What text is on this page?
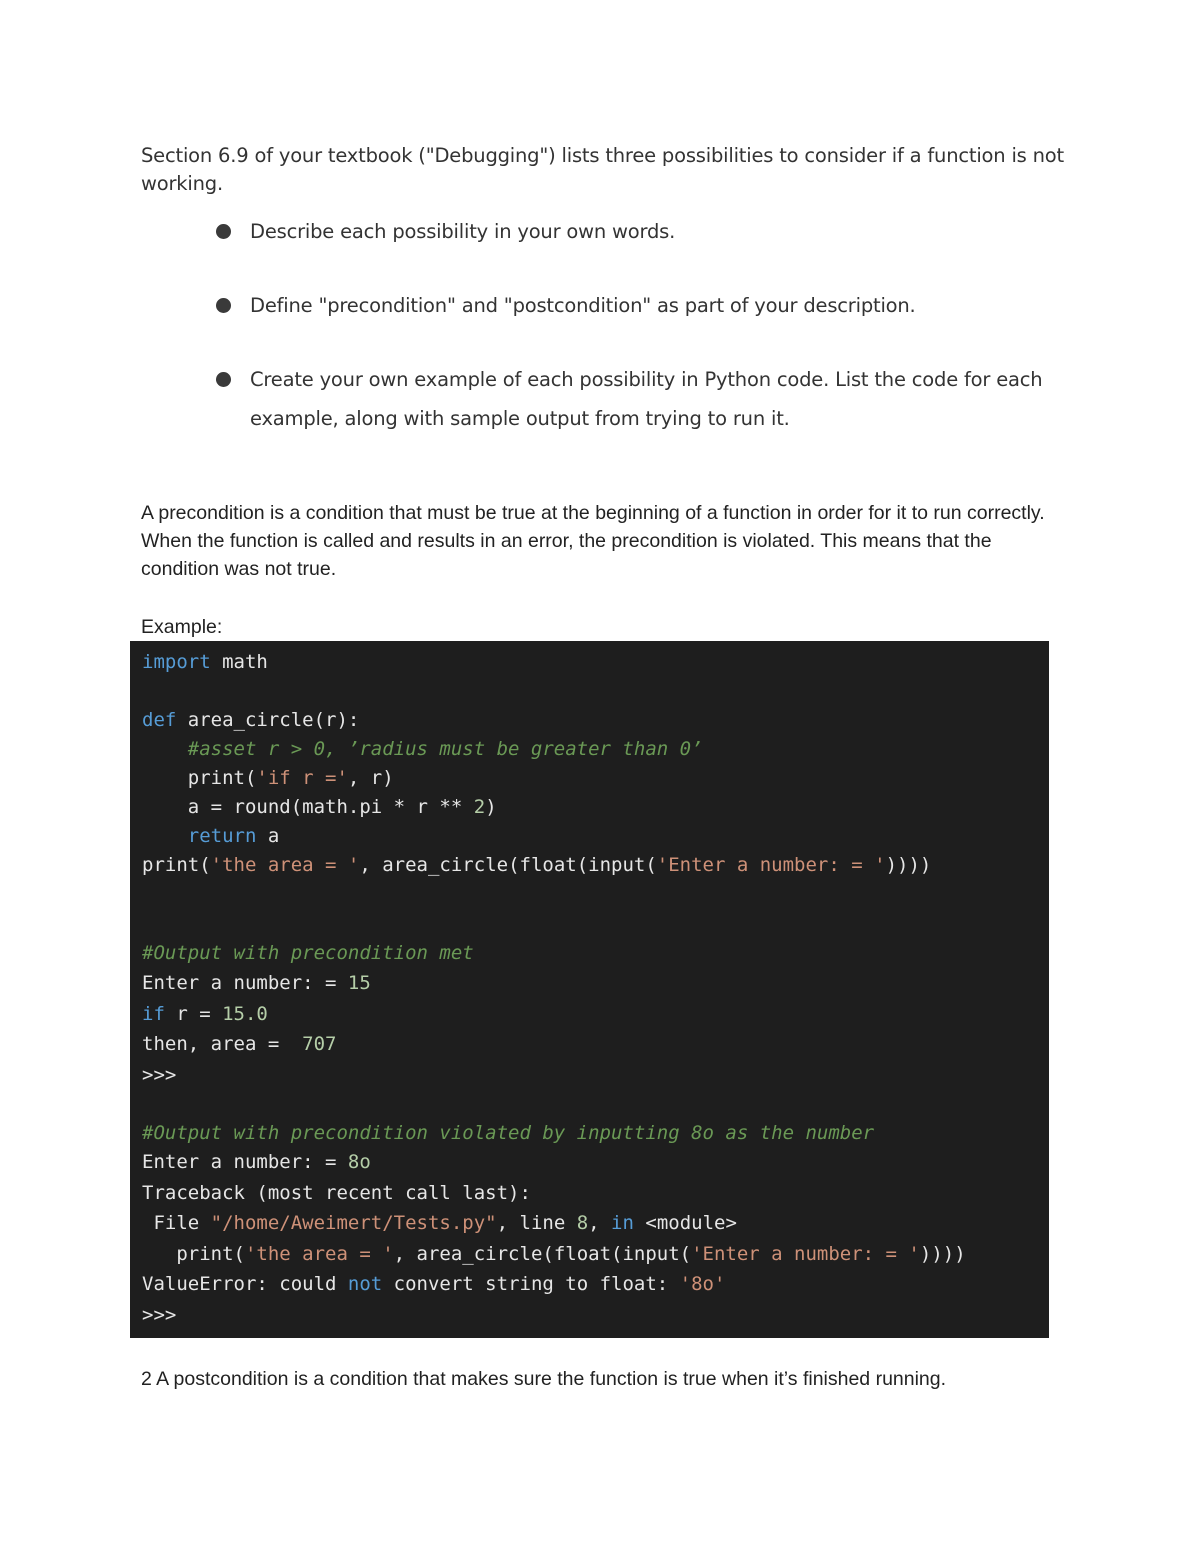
Section 6.9 of your textbook ("Debugging") lists three possibilities to consider if a function is not working.
Describe each possibility in your own words.
Define "precondition" and "postcondition" as part of your description.
Create your own example of each possibility in Python code. List the code for each example, along with sample output from trying to run it.
A precondition is a condition that must be true at the beginning of a function in order for it to run correctly. When the function is called and results in an error, the precondition is violated. This means that the condition was not true.
Example:
import math
def area_circle(r):
#asset r > 0, ’radius must be greater than 0’
print('if r =', r)
a = round(math.pi * r ** 2)
return a
print('the area = ', area_circle(float(input('Enter a number: = '))))
#Output with precondition met
Enter a number: = 15
if r = 15.0
then, area =  707
>>>
#Output with precondition violated by inputting 8o as the number
Enter a number: = 8o
Traceback (most recent call last):
File "/home/Aweimert/Tests.py", line 8, in <module>
print('the area = ', area_circle(float(input('Enter a number: = '))))
ValueError: could not convert string to float: '8o'
>>>
2 A postcondition is a condition that makes sure the function is true when it’s finished running.
